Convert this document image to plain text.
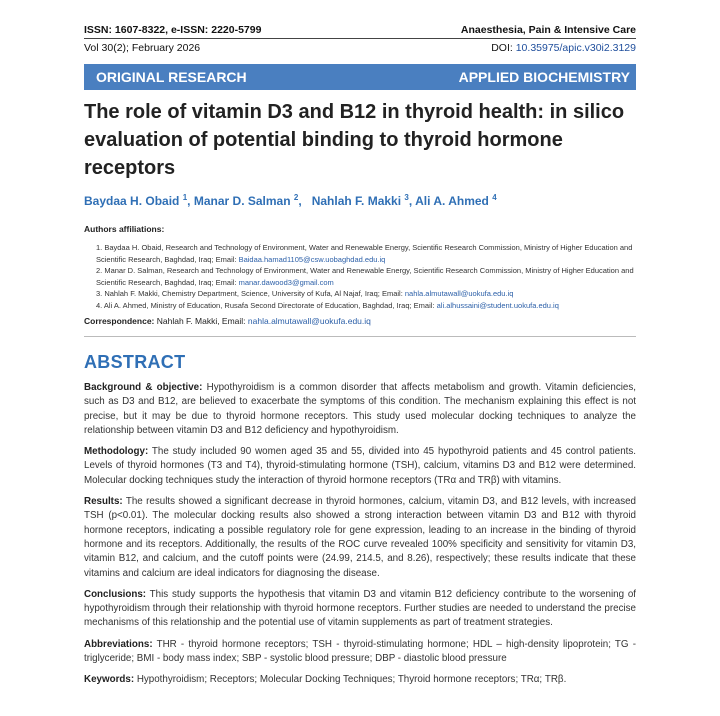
ISSN: 1607-8322, e-ISSN: 2220-5799	Anaesthesia, Pain & Intensive Care
Vol 30(2); February 2026	DOI: 10.35975/apic.v30i2.3129
ORIGINAL RESEARCH	APPLIED BIOCHEMISTRY
The role of vitamin D3 and B12 in thyroid health: in silico evaluation of potential binding to thyroid hormone receptors
Baydaa H. Obaid $^1$, Manar D. Salman $^2$,   Nahlah F. Makki $^3$, Ali A. Ahmed $^4$
Authors affiliations:

1. Baydaa H. Obaid, Research and Technology of Environment, Water and Renewable Energy, Scientific Research Commission, Ministry of Higher Education and Scientific Research, Baghdad, Iraq; Email: Baidaa.hamad1105@csw.uobaghdad.edu.iq

2. Manar D. Salman, Research and Technology of Environment, Water and Renewable Energy, Scientific Research Commission, Ministry of Higher Education and Scientific Research, Baghdad, Iraq; Email: manar.dawood3@gmail.com

3. Nahlah F. Makki, Chemistry Department, Science, University of Kufa, Al Najaf, Iraq; Email: nahla.almutawall@uokufa.edu.iq

4. Ali A. Ahmed, Ministry of Education, Rusafa Second Directorate of Education, Baghdad, Iraq; Email: ali.alhussaini@student.uokufa.edu.iq

Correspondence: Nahlah F. Makki, Email: nahla.almutawall@uokufa.edu.iq
ABSTRACT

Background & objective: Hypothyroidism is a common disorder that affects metabolism and growth. Vitamin deficiencies, such as D3 and B12, are believed to exacerbate the symptoms of this condition. The mechanism explaining this effect is not precise, but it may be due to thyroid hormone receptors. This study used molecular docking techniques to analyze the relationship between vitamin D3 and B12 deficiency and hypothyroidism.

Methodology: The study included 90 women aged 35 and 55, divided into 45 hypothyroid patients and 45 control patients. Levels of thyroid hormones (T3 and T4), thyroid-stimulating hormone (TSH), calcium, vitamins D3 and B12 were determined. Molecular docking techniques study the interaction of thyroid hormone receptors (TRα and TRβ) with vitamins.

Results: The results showed a significant decrease in thyroid hormones, calcium, vitamin D3, and B12 levels, with increased TSH (p<0.01). The molecular docking results also showed a strong interaction between vitamin D3 and B12 with thyroid hormone receptors, indicating a possible regulatory role for gene expression, leading to an increase in the binding of thyroid hormone and its receptors. Additionally, the results of the ROC curve revealed 100% specificity and sensitivity for vitamin D3, vitamin B12, and calcium, and the cutoff points were (24.99, 214.5, and 8.26), respectively; these results indicate that these vitamins and calcium are ideal indicators for diagnosing the disease.

Conclusions: This study supports the hypothesis that vitamin D3 and vitamin B12 deficiency contribute to the worsening of hypothyroidism through their relationship with thyroid hormone receptors. Further studies are needed to understand the precise mechanisms of this relationship and the potential use of vitamin supplements as part of treatment strategies.

Abbreviations: THR - thyroid hormone receptors; TSH - thyroid-stimulating hormone; HDL – high-density lipoprotein; TG - triglyceride; BMI - body mass index; SBP - systolic blood pressure; DBP - diastolic blood pressure

Keywords: Hypothyroidism; Receptors; Molecular Docking Techniques; Thyroid hormone receptors; TRα; TRβ.
